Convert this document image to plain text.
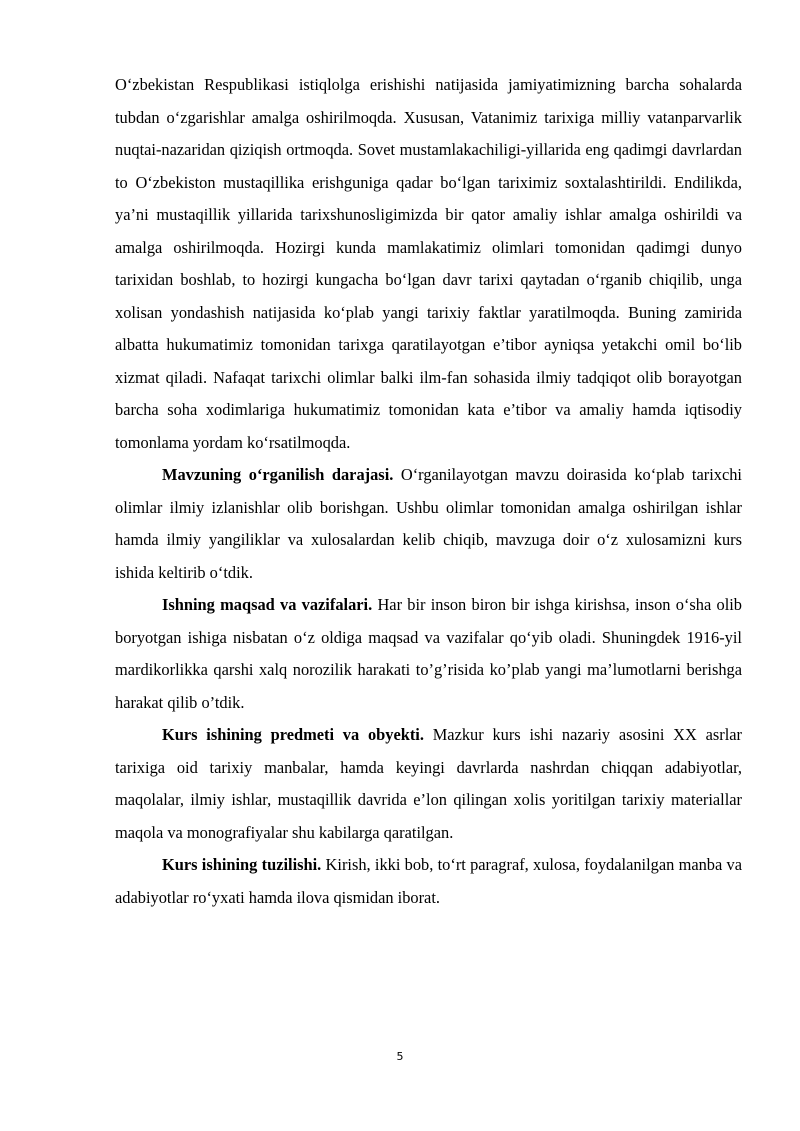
O‘zbekistan Respublikasi istiqlolga erishishi natijasida jamiyatimizning barcha sohalarda tubdan o‘zgarishlar amalga oshirilmoqda. Xususan, Vatanimiz tarixiga milliy vatanparvarlik nuqtai-nazaridan qiziqish ortmoqda. Sovet mustamlakachiligi-yillarida eng qadimgi davrlardan to O‘zbekiston mustaqillika erishguniga qadar bo‘lgan tariximiz soxtalashtirildi. Endilikda, ya’ni mustaqillik yillarida tarixshunosligimizda bir qator amaliy ishlar amalga oshirildi va amalga oshirilmoqda. Hozirgi kunda mamlakatimiz olimlari tomonidan qadimgi dunyo tarixidan boshlab, to hozirgi kungacha bo‘lgan davr tarixi qaytadan o‘rganib chiqilib, unga xolisan yondashish natijasida ko‘plab yangi tarixiy faktlar yaratilmoqda. Buning zamirida albatta hukumatimiz tomonidan tarixga qaratilayotgan e’tibor ayniqsa yetakchi omil bo‘lib xizmat qiladi. Nafaqat tarixchi olimlar balki ilm-fan sohasida ilmiy tadqiqot olib borayotgan barcha soha xodimlariga hukumatimiz tomonidan kata e’tibor va amaliy hamda iqtisodiy tomonlama yordam ko‘rsatilmoqda.

Mavzuning o‘rganilish darajasi. O‘rganilayotgan mavzu doirasida ko‘plab tarixchi olimlar ilmiy izlanishlar olib borishgan. Ushbu olimlar tomonidan amalga oshirilgan ishlar hamda ilmiy yangiliklar va xulosalardan kelib chiqib, mavzuga doir o‘z xulosamizni kurs ishida keltirib o‘tdik.

Ishning maqsad va vazifalari. Har bir inson biron bir ishga kirishsa, inson o‘sha olib boryotgan ishiga nisbatan o‘z oldiga maqsad va vazifalar qo‘yib oladi. Shuningdek 1916-yil mardikorlikka qarshi xalq norozilik harakati to’g’risida ko’plab yangi ma’lumotlarni berishga harakat qilib o’tdik.

Kurs ishining predmeti va obyekti. Mazkur kurs ishi nazariy asosini XX asrlar tarixiga oid tarixiy manbalar, hamda keyingi davrlarda nashrdan chiqqan adabiyotlar, maqolalar, ilmiy ishlar, mustaqillik davrida e’lon qilingan xolis yoritilgan tarixiy materiallar maqola va monografiyalar shu kabilarga qaratilgan.

Kurs ishining tuzilishi. Kirish, ikki bob, to‘rt paragraf, xulosa, foydalanilgan manba va adabiyotlar ro‘yxati hamda ilova qismidan iborat.

5
